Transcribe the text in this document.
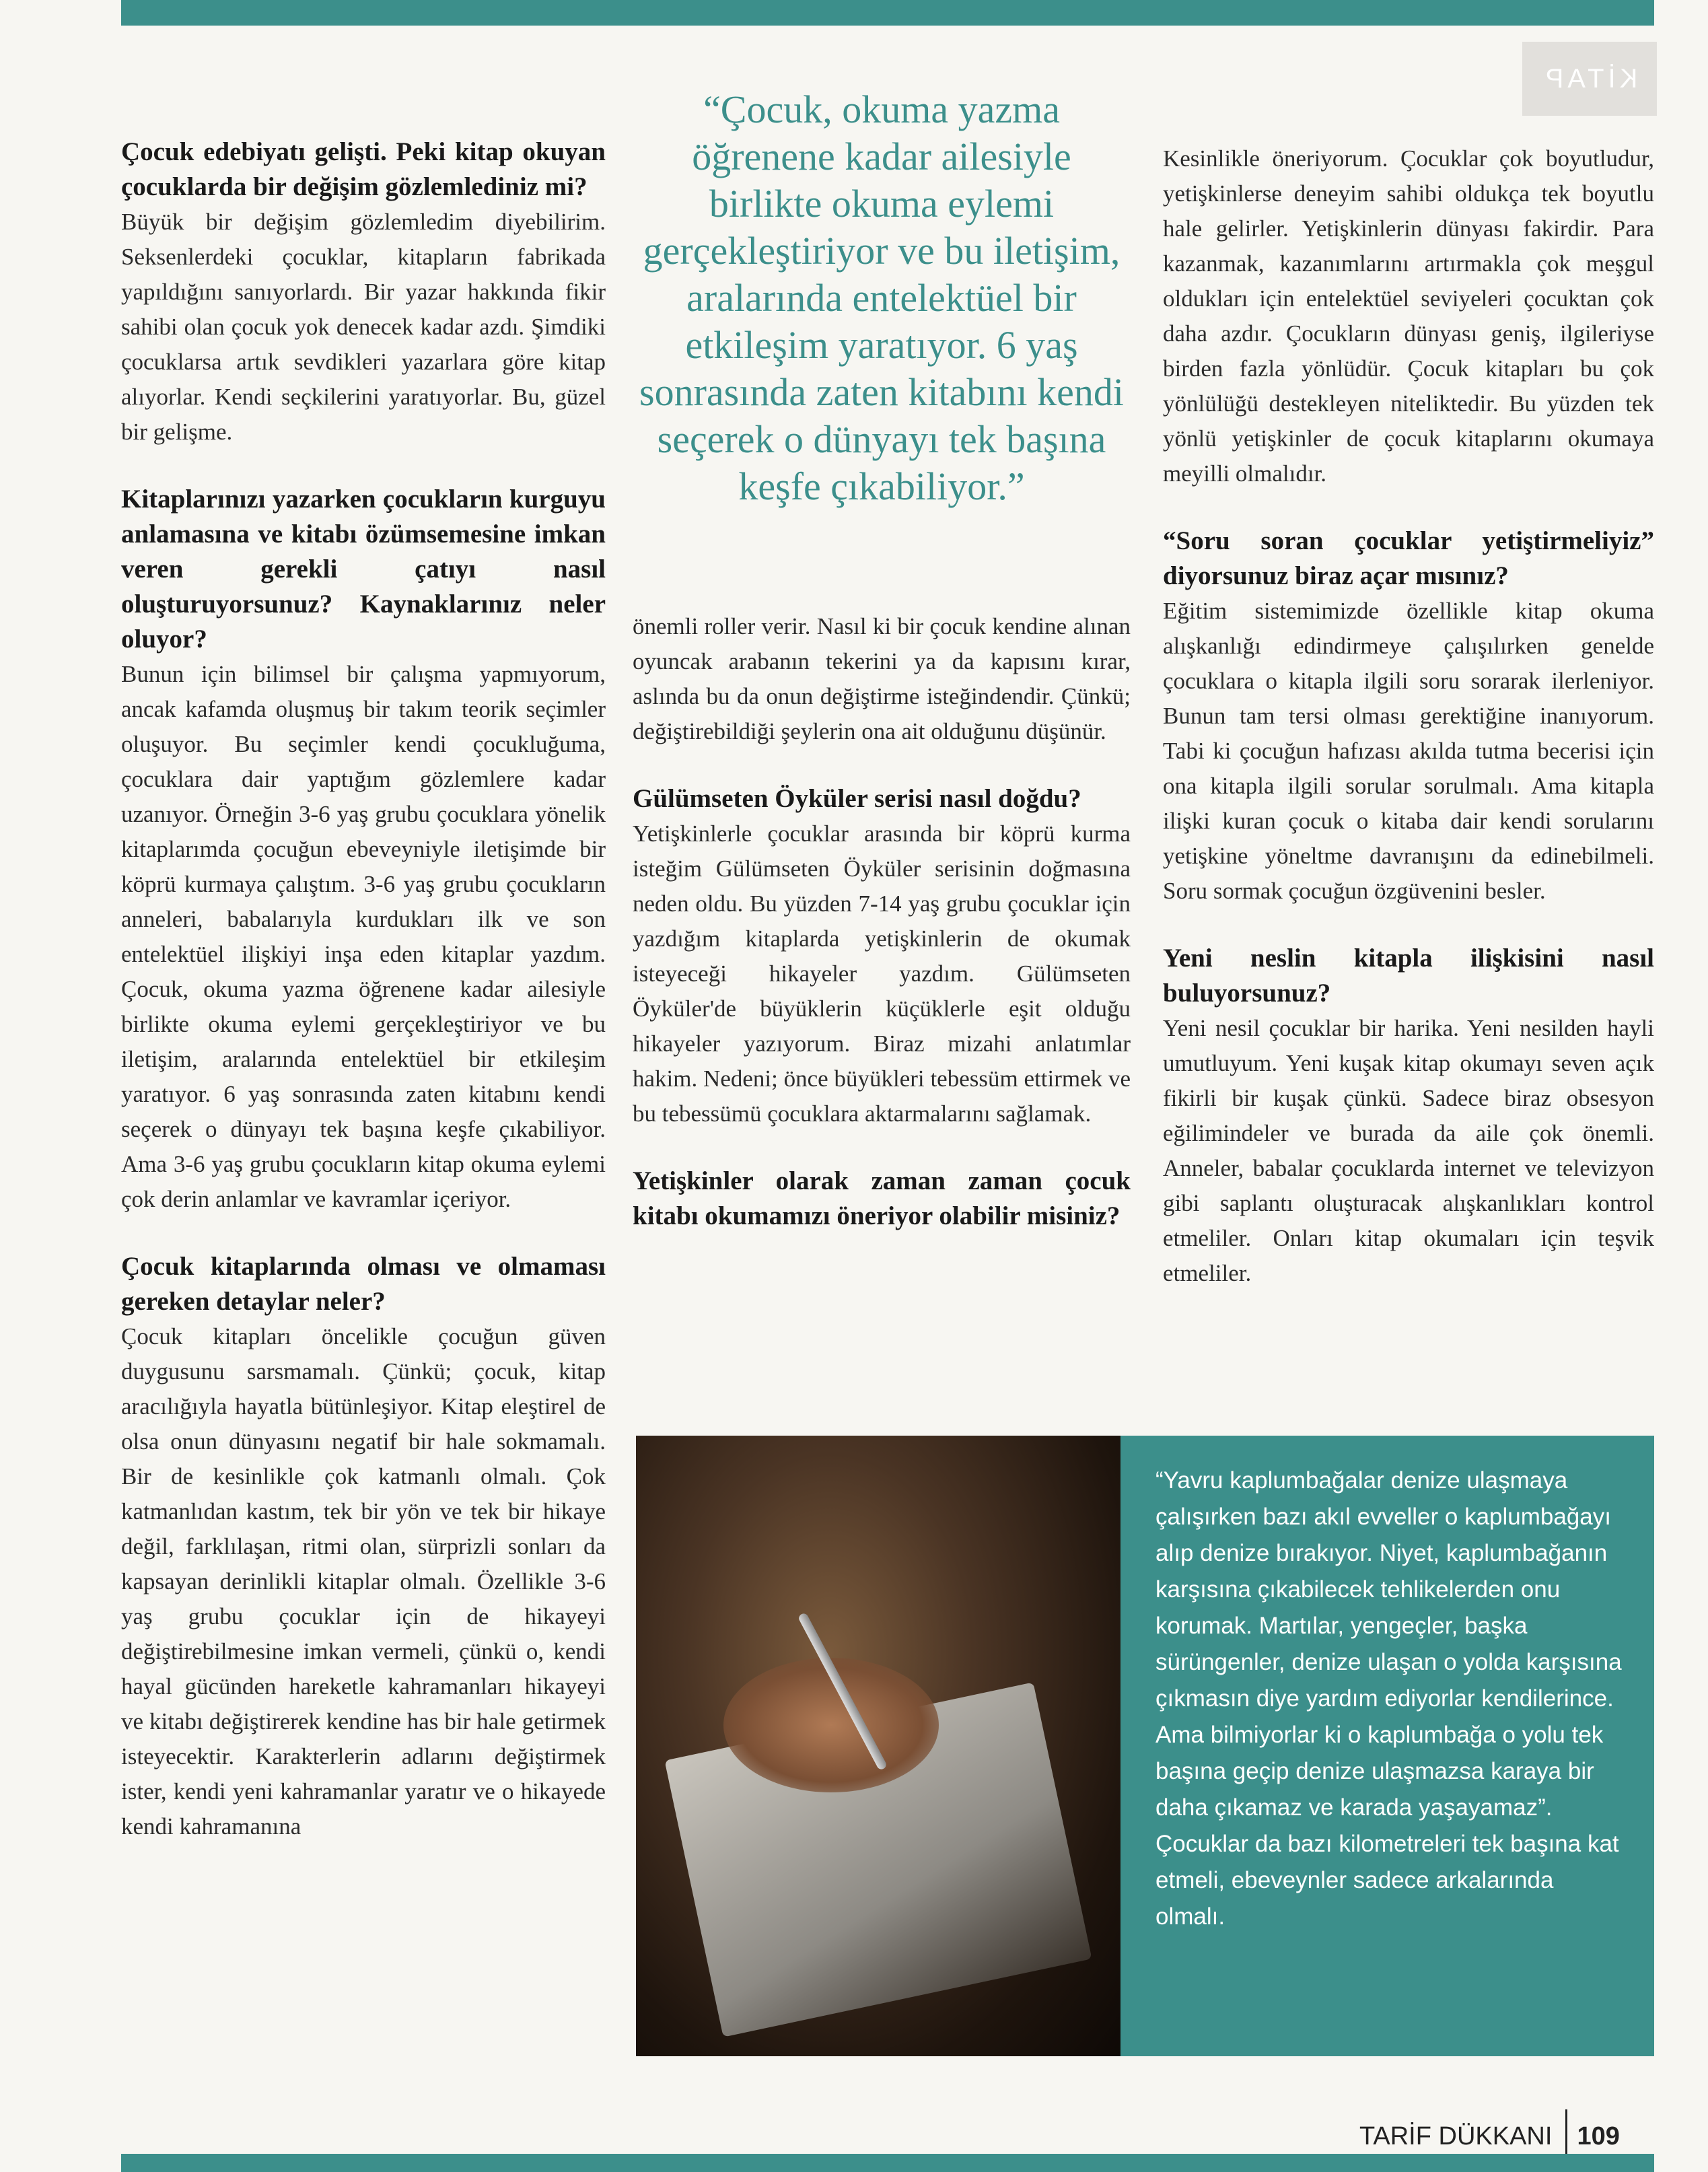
KİTAP

Çocuk edebiyatı gelişti. Peki kitap okuyan çocuklarda bir değişim gözlemlediniz mi?

Büyük bir değişim gözlemledim diyebilirim. Seksenlerdeki çocuklar, kitapların fabrikada yapıldığını sanıyorlardı. Bir yazar hakkında fikir sahibi olan çocuk yok denecek kadar azdı. Şimdiki çocuklarsa artık sevdikleri yazarlara göre kitap alıyorlar. Kendi seçkilerini yaratıyorlar. Bu, güzel bir gelişme.

Kitaplarınızı yazarken çocukların kurguyu anlamasına ve kitabı özümsemesine imkan veren gerekli çatıyı nasıl oluşturuyorsunuz? Kaynaklarınız neler oluyor?

Bunun için bilimsel bir çalışma yapmıyorum, ancak kafamda oluşmuş bir takım teorik seçimler oluşuyor. Bu seçimler kendi çocukluğuma, çocuklara dair yaptığım gözlemlere kadar uzanıyor. Örneğin 3-6 yaş grubu çocuklara yönelik kitaplarımda çocuğun ebeveyniyle iletişimde bir köprü kurmaya çalıştım. 3-6 yaş grubu çocukların anneleri, babalarıyla kurdukları ilk ve son entelektüel ilişkiyi inşa eden kitaplar yazdım. Çocuk, okuma yazma öğrenene kadar ailesiyle birlikte okuma eylemi gerçekleştiriyor ve bu iletişim, aralarında entelektüel bir etkileşim yaratıyor. 6 yaş sonrasında zaten kitabını kendi seçerek o dünyayı tek başına keşfe çıkabiliyor. Ama 3-6 yaş grubu çocukların kitap okuma eylemi çok derin anlamlar ve kavramlar içeriyor.

Çocuk kitaplarında olması ve olmaması gereken detaylar neler?

Çocuk kitapları öncelikle çocuğun güven duygusunu sarsmamalı. Çünkü; çocuk, kitap aracılığıyla hayatla bütünleşiyor. Kitap eleştirel de olsa onun dünyasını negatif bir hale sokmamalı. Bir de kesinlikle çok katmanlı olmalı. Çok katmanlıdan kastım, tek bir yön ve tek bir hikaye değil, farklılaşan, ritmi olan, sürprizli sonları da kapsayan derinlikli kitaplar olmalı. Özellikle 3-6 yaş grubu çocuklar için de hikayeyi değiştirebilmesine imkan vermeli, çünkü o, kendi hayal gücünden hareketle kahramanları hikayeyi ve kitabı değiştirerek kendine has bir hale getirmek isteyecektir. Karakterlerin adlarını değiştirmek ister, kendi yeni kahramanlar yaratır ve o hikayede kendi kahramanına

“Çocuk, okuma yazma öğrenene kadar ailesiyle birlikte okuma eylemi gerçekleştiriyor ve bu iletişim, aralarında entelektüel bir etkileşim yaratıyor. 6 yaş sonrasında zaten kitabını kendi seçerek o dünyayı tek başına keşfe çıkabiliyor.”

önemli roller verir. Nasıl ki bir çocuk kendine alınan oyuncak arabanın tekerini ya da kapısını kırar, aslında bu da onun değiştirme isteğindendir. Çünkü; değiştirebildiği şeylerin ona ait olduğunu düşünür.

Gülümseten Öyküler serisi nasıl doğdu?

Yetişkinlerle çocuklar arasında bir köprü kurma isteğim Gülümseten Öyküler serisinin doğmasına neden oldu. Bu yüzden 7-14 yaş grubu çocuklar için yazdığım kitaplarda yetişkinlerin de okumak isteyeceği hikayeler yazdım. Gülümseten Öyküler'de büyüklerin küçüklerle eşit olduğu hikayeler yazıyorum. Biraz mizahi anlatımlar hakim. Nedeni; önce büyükleri tebessüm ettirmek ve bu tebessümü çocuklara aktarmalarını sağlamak.

Yetişkinler olarak zaman zaman çocuk kitabı okumamızı öneriyor olabilir misiniz?

Kesinlikle öneriyorum. Çocuklar çok boyutludur, yetişkinlerse deneyim sahibi oldukça tek boyutlu hale gelirler. Yetişkinlerin dünyası fakirdir. Para kazanmak, kazanımlarını artırmakla çok meşgul oldukları için entelektüel seviyeleri çocuktan çok daha azdır. Çocukların dünyası geniş, ilgileriyse birden fazla yönlüdür. Çocuk kitapları bu çok yönlülüğü destekleyen niteliktedir. Bu yüzden tek yönlü yetişkinler de çocuk kitaplarını okumaya meyilli olmalıdır.

“Soru soran çocuklar yetiştirmeliyiz” diyorsunuz biraz açar mısınız?

Eğitim sistemimizde özellikle kitap okuma alışkanlığı edindirmeye çalışılırken genelde çocuklara o kitapla ilgili soru sorarak ilerleniyor. Bunun tam tersi olması gerektiğine inanıyorum. Tabi ki çocuğun hafızası akılda tutma becerisi için ona kitapla ilgili sorular sorulmalı. Ama kitapla ilişki kuran çocuk o kitaba dair kendi sorularını yetişkine yöneltme davranışını da edinebilmeli. Soru sormak çocuğun özgüvenini besler.

Yeni neslin kitapla ilişkisini nasıl buluyorsunuz?

Yeni nesil çocuklar bir harika. Yeni nesilden hayli umutluyum. Yeni kuşak kitap okumayı seven açık fikirli bir kuşak çünkü. Sadece biraz obsesyon eğilimindeler ve burada da aile çok önemli. Anneler, babalar çocuklarda internet ve televizyon gibi saplantı oluşturacak alışkanlıkları kontrol etmeliler. Onları kitap okumaları için teşvik etmeliler.

“Yavru kaplumbağalar denize ulaşmaya çalışırken bazı akıl evveller o kaplumbağayı alıp denize bırakıyor. Niyet, kaplumbağanın karşısına çıkabilecek tehlikelerden onu korumak. Martılar, yengeçler, başka sürüngenler, denize ulaşan o yolda karşısına çıkmasın diye yardım ediyorlar kendilerince. Ama bilmiyorlar ki o kaplumbağa o yolu tek başına geçip denize ulaşmazsa karaya bir daha çıkamaz ve karada yaşayamaz”. Çocuklar da bazı kilometreleri tek başına kat etmeli, ebeveynler sadece arkalarında olmalı.

TARİF DÜKKANI 109
